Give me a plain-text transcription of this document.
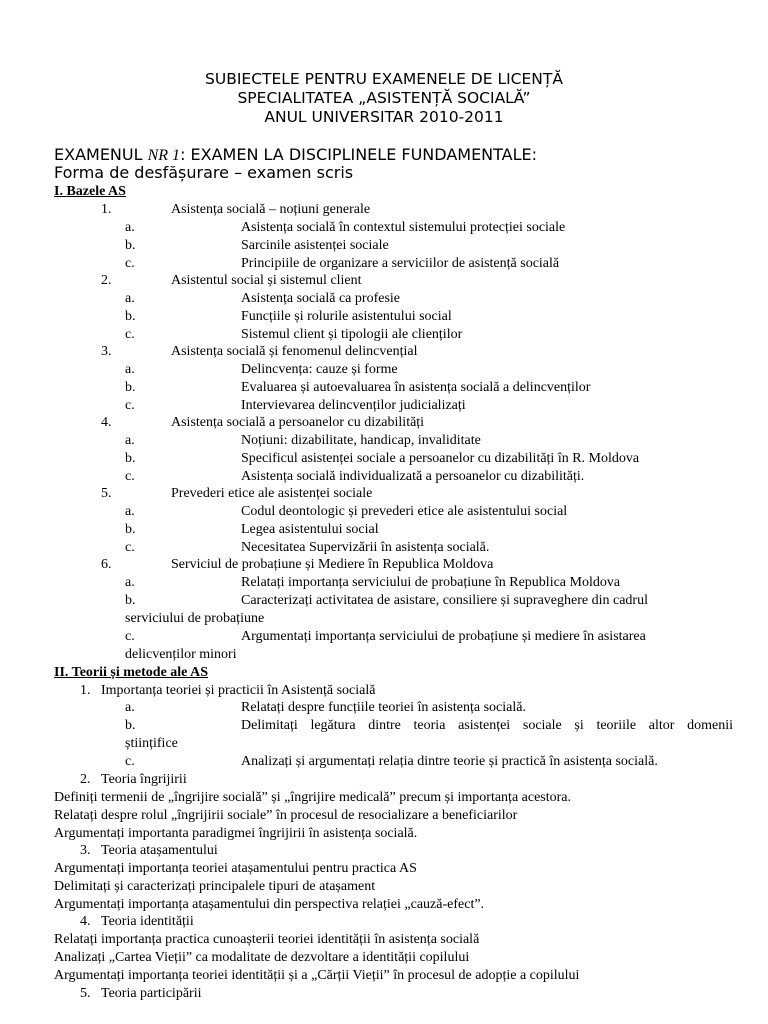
SUBIECTELE PENTRU EXAMENELE DE LICENȚĂ
SPECIALITATEA „ASISTENȚĂ SOCIALĂ”
ANUL UNIVERSITAR 2010-2011
EXAMENUL NR 1: EXAMEN LA DISCIPLINELE FUNDAMENTALE:
Forma de desfășurare – examen scris
I. Bazele AS
1.	Asistența socială – noțiuni generale
a.	Asistența socială în contextul sistemului protecției sociale
b.	Sarcinile asistenței sociale
c.	Principiile de organizare a serviciilor de asistență socială
2.	Asistentul social și sistemul client
a.	Asistența socială ca profesie
b.	Funcțiile și rolurile asistentului social
c.	Sistemul client și tipologii ale clienților
3.	Asistența socială și fenomenul delincvențial
a.	Delincvența: cauze și forme
b.	Evaluarea și autoevaluarea în asistența socială a delincvenților
c.	Intervievarea delincvenților judicializați
4.	Asistența socială a persoanelor cu dizabilități
a.	Noțiuni: dizabilitate, handicap, invaliditate
b.	Specificul asistenței sociale a persoanelor cu dizabilități în R. Moldova
c.	Asistența socială individualizată a persoanelor cu dizabilități.
5.	Prevederi etice ale asistenței sociale
a.	Codul deontologic și prevederi etice ale asistentului social
b.	Legea asistentului social
c.	Necesitatea Supervizării în asistența socială.
6.	Serviciul de probațiune și Mediere în Republica Moldova
a.	Relatați importanța serviciului de probațiune în Republica Moldova
b.	Caracterizați activitatea de asistare, consiliere și supraveghere din cadrul
serviciului de probațiune
c.	Argumentați importanța serviciului de probațiune și mediere în asistarea
delicvenților minori
II. Teorii și metode ale AS
1. Importanța teoriei și practicii în Asistență socială
a.	Relatați despre funcțiile teoriei în asistența socială.
b.	Delimitați legătura dintre teoria asistenței sociale și teoriile altor domenii
științifice
c.	Analizați și argumentați relația dintre teorie și practică în asistența socială.
2. Teoria îngrijirii
Definiți termenii de „îngrijire socială” și „îngrijire medicală” precum și importanța acestora.
Relatați despre rolul „îngrijirii sociale” în procesul de resocializare a beneficiarilor
Argumentați importanta paradigmei îngrijirii în asistența socială.
3. Teoria atașamentului
Argumentați importanța teoriei atașamentului pentru practica AS
Delimitați și caracterizați principalele tipuri de atașament
Argumentați importanța atașamentului din perspectiva relației „cauză-efect”.
4. Teoria identității
Relatați importanța practica cunoașterii teoriei identității în asistența socială
Analizați „Cartea Vieții” ca modalitate de dezvoltare a identității copilului
Argumentați importanța teoriei identității și a „Cărții Vieții” în procesul de adopție a copilului
5. Teoria participării
